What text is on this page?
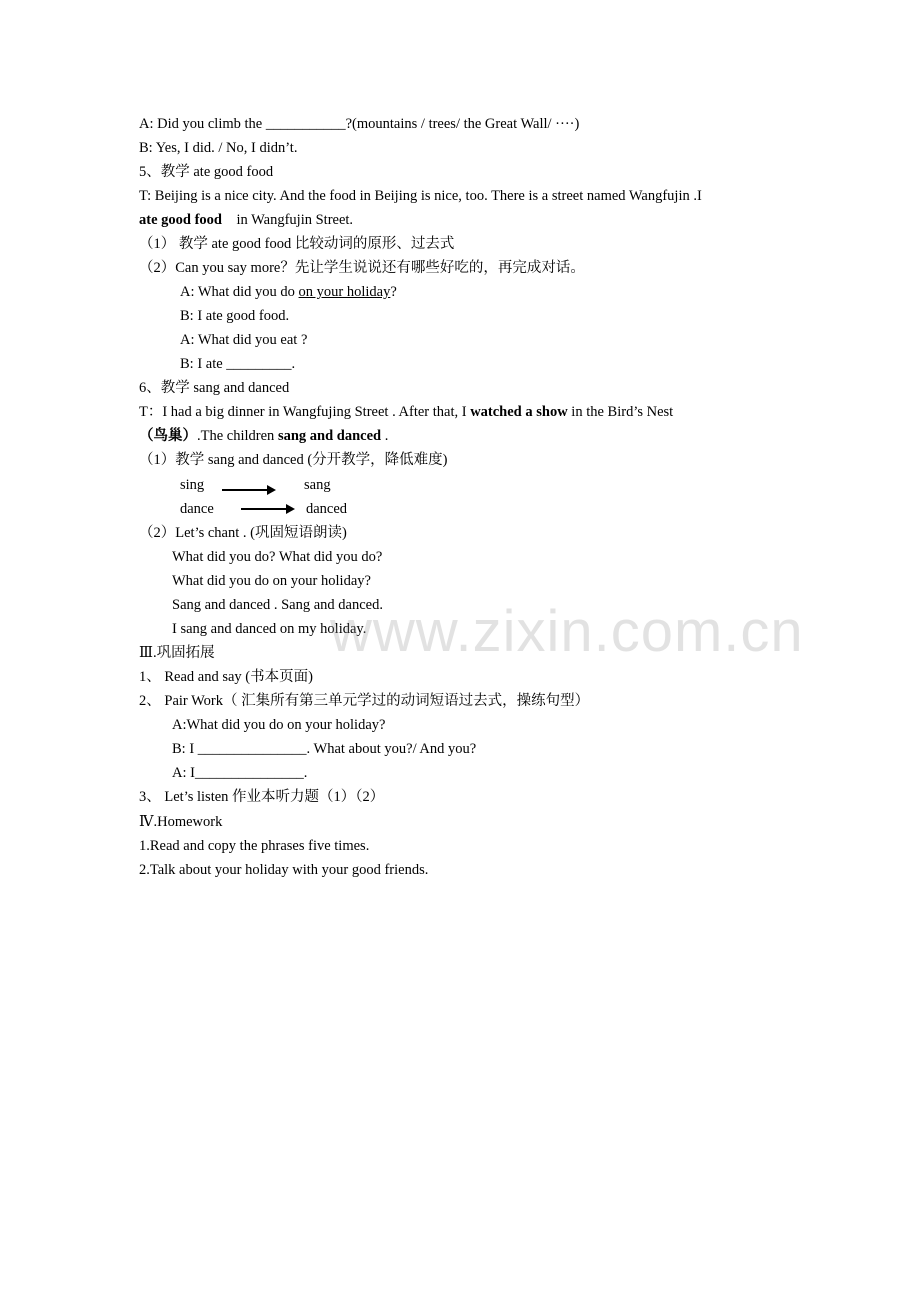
A: Did you climb the ___________?(mountains / trees/ the Great Wall/ ····)
B: Yes, I did. / No, I didn’t.
5、教学 ate good food
T: Beijing is a nice city. And the food in Beijing is nice, too. There is a street named Wangfujin .I
ate good food in Wangfujin Street.
（1） 教学 ate good food 比较动词的原形、过去式
（2）Can you say more？先让学生说说还有哪些好吃的，再完成对话。
A: What did you do on your holiday?
B: I ate good food.
A: What did you eat ?
B: I ate _________.
6、教学 sang and danced
T：I had a big dinner in Wangfujing Street . After that, I watched a show in the Bird’s Nest
（鸟巢）.The children sang and danced .
（1）教学 sang and danced (分开教学，降低难度)
sing	sang
dance	danced
（2）Let’s chant . (巩固短语朗读)
What did you do? What did you do?
What did you do on your holiday?
Sang and danced . Sang and danced.
I sang and danced on my holiday.
Ⅲ.巩固拓展
1、 Read and say (书本页面)
2、 Pair Work（ 汇集所有第三单元学过的动词短语过去式，操练句型）
A:What did you do on your holiday?
B: I _______________. What about you?/ And you?
A: I_______________.
3、 Let’s listen 作业本听力题（1）（2）
Ⅳ.Homework
1.Read and copy the phrases five times.
2.Talk about your holiday with your good friends.
www.zixin.com.cn
